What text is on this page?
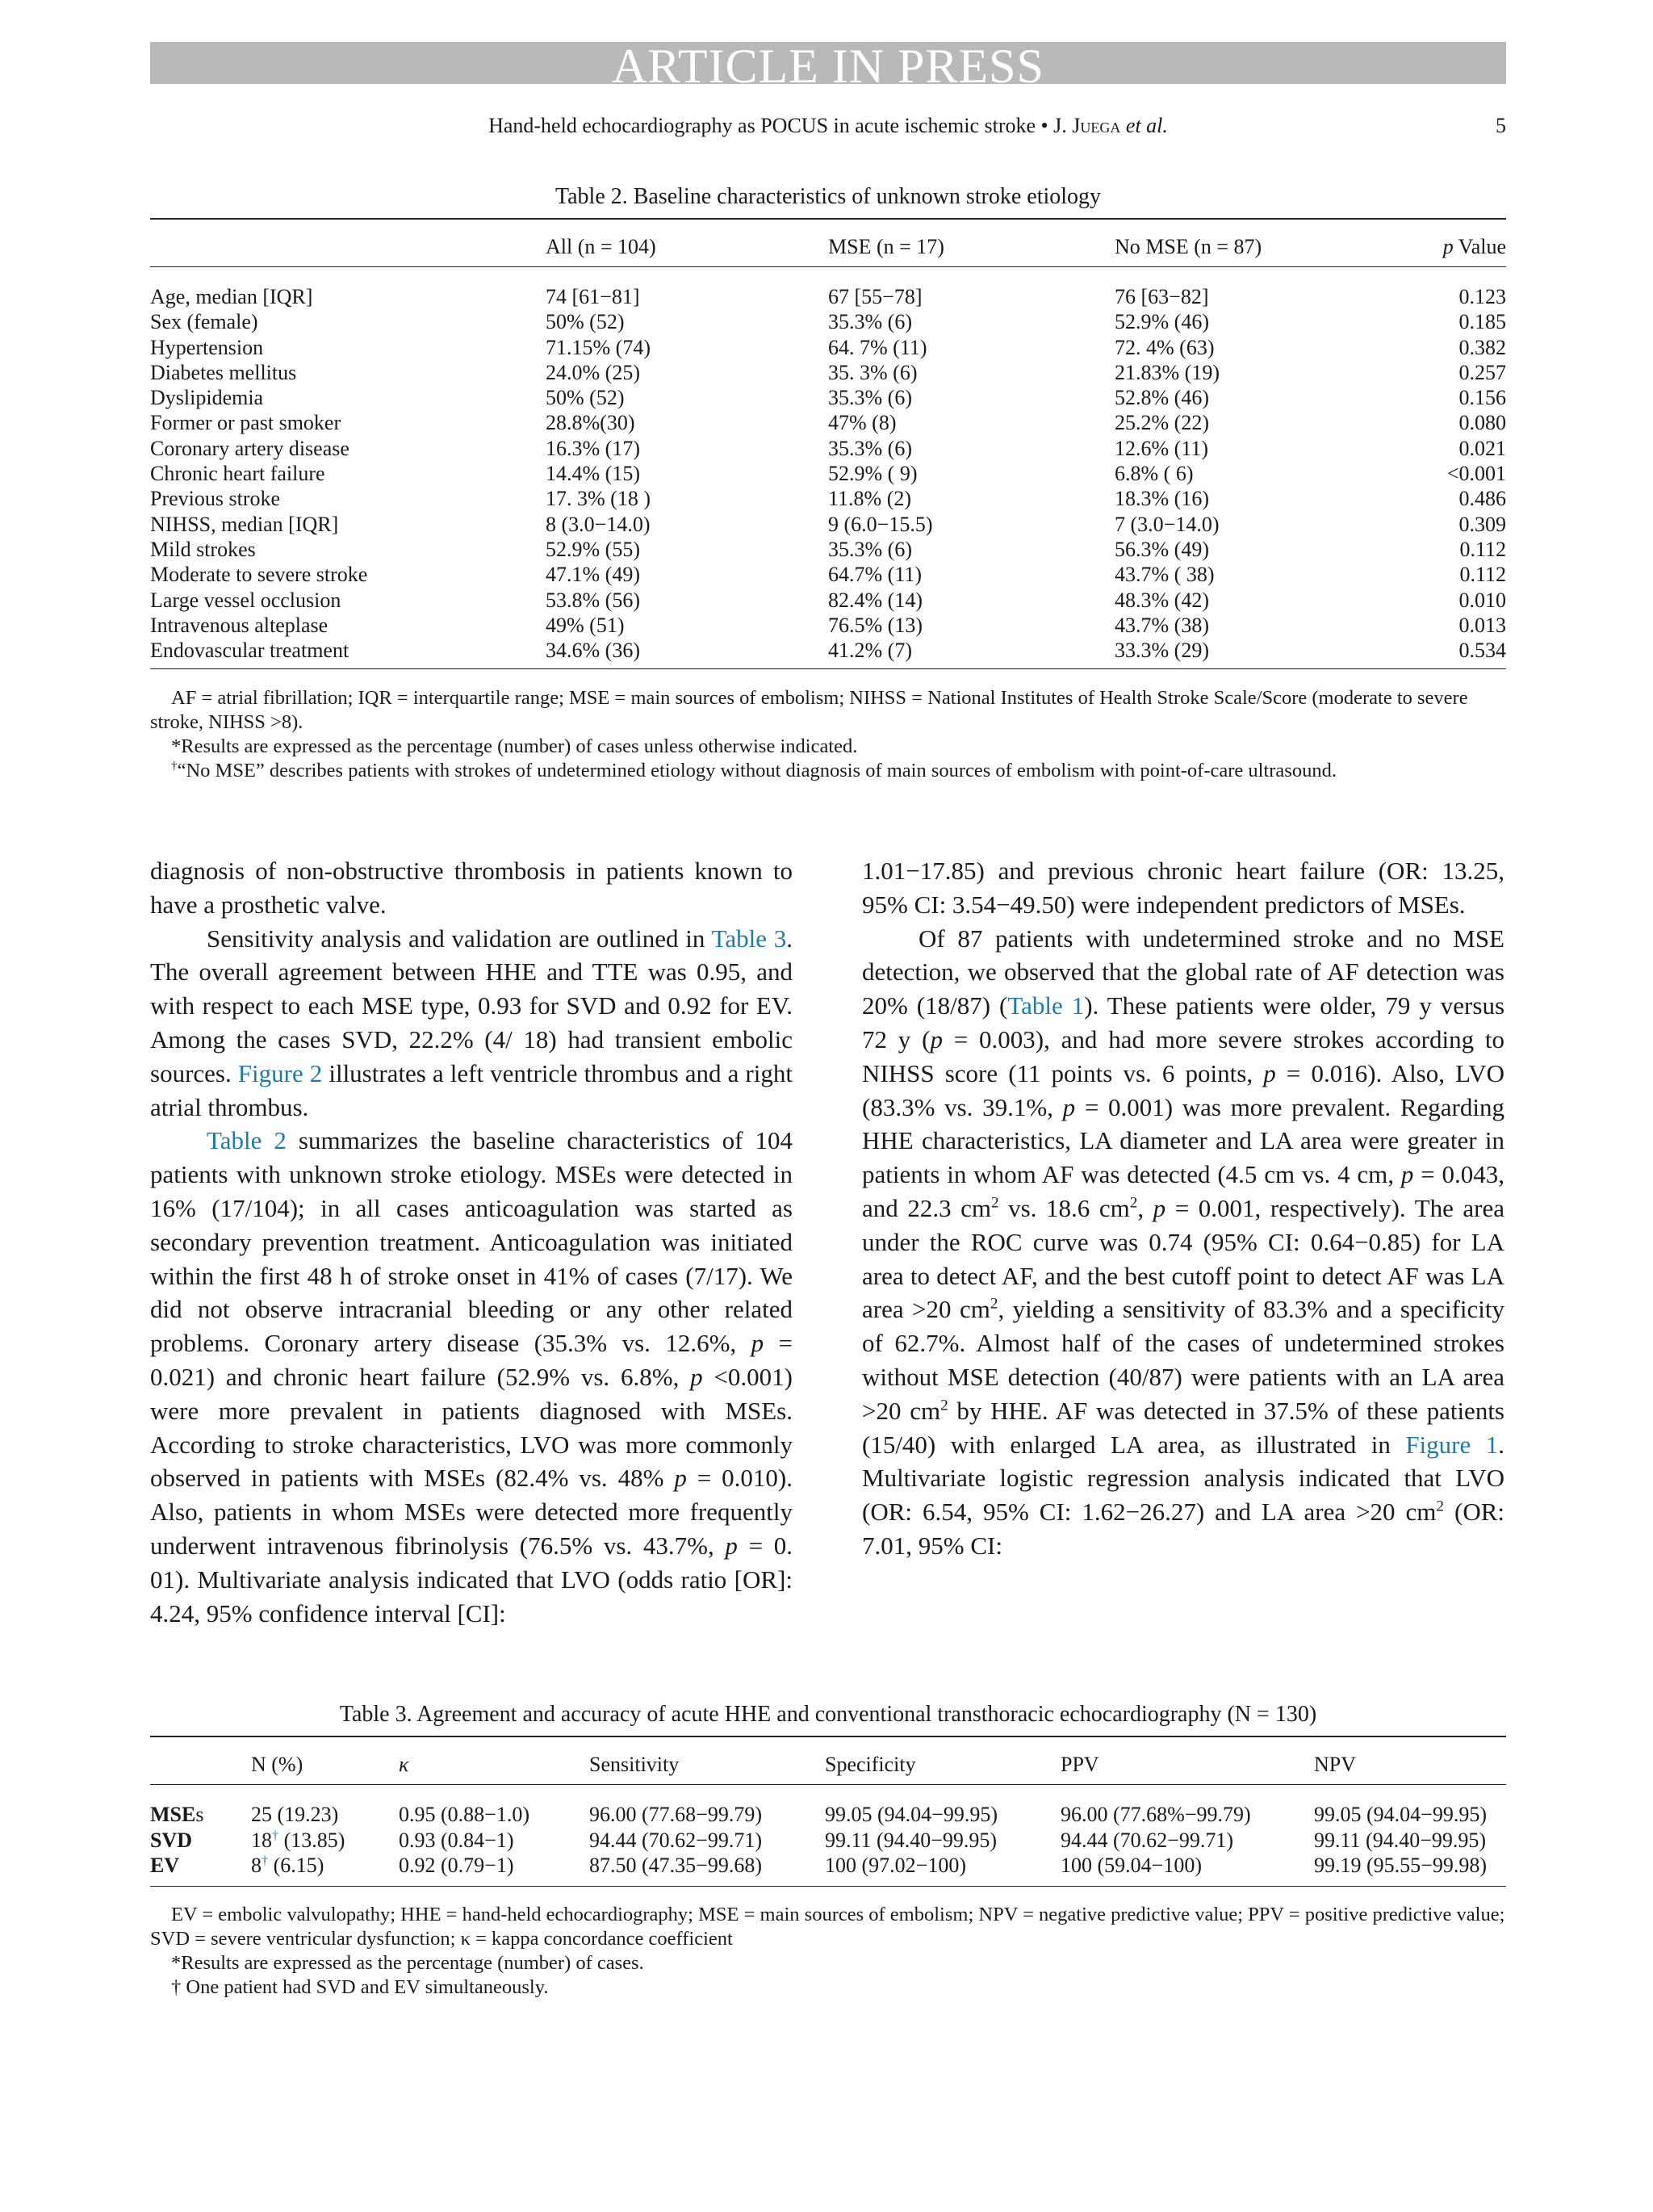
ARTICLE IN PRESS
Hand-held echocardiography as POCUS in acute ischemic stroke • J. Juega et al.	5
Table 2. Baseline characteristics of unknown stroke etiology
	All (n = 104)	MSE (n = 17)	No MSE (n = 87)	p Value
Age, median [IQR]	74 [61−81]	67 [55−78]	76 [63−82]	0.123
Sex (female)	50% (52)	35.3% (6)	52.9% (46)	0.185
Hypertension	71.15% (74)	64. 7% (11)	72. 4% (63)	0.382
Diabetes mellitus	24.0% (25)	35. 3% (6)	21.83% (19)	0.257
Dyslipidemia	50% (52)	35.3% (6)	52.8% (46)	0.156
Former or past smoker	28.8%(30)	47% (8)	25.2% (22)	0.080
Coronary artery disease	16.3% (17)	35.3% (6)	12.6% (11)	0.021
Chronic heart failure	14.4% (15)	52.9% ( 9)	6.8% ( 6)	<0.001
Previous stroke	17. 3% (18 )	11.8% (2)	18.3% (16)	0.486
NIHSS, median [IQR]	8 (3.0−14.0)	9 (6.0−15.5)	7 (3.0−14.0)	0.309
Mild strokes	52.9% (55)	35.3% (6)	56.3% (49)	0.112
Moderate to severe stroke	47.1% (49)	64.7% (11)	43.7% ( 38)	0.112
Large vessel occlusion	53.8% (56)	82.4% (14)	48.3% (42)	0.010
Intravenous alteplase	49% (51)	76.5% (13)	43.7% (38)	0.013
Endovascular treatment	34.6% (36)	41.2% (7)	33.3% (29)	0.534

AF = atrial fibrillation; IQR = interquartile range; MSE = main sources of embolism; NIHSS = National Institutes of Health Stroke Scale/Score (moderate to severe stroke, NIHSS >8).

*Results are expressed as the percentage (number) of cases unless otherwise indicated.

†“No MSE” describes patients with strokes of undetermined etiology without diagnosis of main sources of embolism with point-of-care ultrasound.

diagnosis of non-obstructive thrombosis in patients known to have a prosthetic valve.

Sensitivity analysis and validation are outlined in Table 3. The overall agreement between HHE and TTE was 0.95, and with respect to each MSE type, 0.93 for SVD and 0.92 for EV. Among the cases SVD, 22.2% (4/ 18) had transient embolic sources. Figure 2 illustrates a left ventricle thrombus and a right atrial thrombus.

Table 2 summarizes the baseline characteristics of 104 patients with unknown stroke etiology. MSEs were detected in 16% (17/104); in all cases anticoagulation was started as secondary prevention treatment. Anticoagulation was initiated within the first 48 h of stroke onset in 41% of cases (7/17). We did not observe intracranial bleeding or any other related problems. Coronary artery disease (35.3% vs. 12.6%, p = 0.021) and chronic heart failure (52.9% vs. 6.8%, p <0.001) were more prevalent in patients diagnosed with MSEs. According to stroke characteristics, LVO was more commonly observed in patients with MSEs (82.4% vs. 48% p = 0.010). Also, patients in whom MSEs were detected more frequently underwent intravenous fibrinolysis (76.5% vs. 43.7%, p = 0. 01). Multivariate analysis indicated that LVO (odds ratio [OR]: 4.24, 95% confidence interval [CI]:

1.01−17.85) and previous chronic heart failure (OR: 13.25, 95% CI: 3.54−49.50) were independent predictors of MSEs.

Of 87 patients with undetermined stroke and no MSE detection, we observed that the global rate of AF detection was 20% (18/87) (Table 1). These patients were older, 79 y versus 72 y (p = 0.003), and had more severe strokes according to NIHSS score (11 points vs. 6 points, p = 0.016). Also, LVO (83.3% vs. 39.1%, p = 0.001) was more prevalent. Regarding HHE characteristics, LA diameter and LA area were greater in patients in whom AF was detected (4.5 cm vs. 4 cm, p = 0.043, and 22.3 $cm^2$ vs. 18.6 $cm^2$, p = 0.001, respectively). The area under the ROC curve was 0.74 (95% CI: 0.64−0.85) for LA area to detect AF, and the best cutoff point to detect AF was LA area >20 $cm^2$, yielding a sensitivity of 83.3% and a specificity of 62.7%. Almost half of the cases of undetermined strokes without MSE detection (40/87) were patients with an LA area >20 $cm^2$ by HHE. AF was detected in 37.5% of these patients (15/40) with enlarged LA area, as illustrated in Figure 1. Multivariate logistic regression analysis indicated that LVO (OR: 6.54, 95% CI: 1.62−26.27) and LA area >20 $cm^2$ (OR: 7.01, 95% CI:

Table 3. Agreement and accuracy of acute HHE and conventional transthoracic echocardiography (N = 130)
	N (%)	κ	Sensitivity	Specificity	PPV	NPV
MSEs	25 (19.23)	0.95 (0.88−1.0)	96.00 (77.68−99.79)	99.05 (94.04−99.95)	96.00 (77.68%−99.79)	99.05 (94.04−99.95)
SVD	18† (13.85)	0.93 (0.84−1)	94.44 (70.62−99.71)	99.11 (94.40−99.95)	94.44 (70.62−99.71)	99.11 (94.40−99.95)
EV	8† (6.15)	0.92 (0.79−1)	87.50 (47.35−99.68)	100 (97.02−100)	100 (59.04−100)	99.19 (95.55−99.98)

EV = embolic valvulopathy; HHE = hand-held echocardiography; MSE = main sources of embolism; NPV = negative predictive value; PPV = positive predictive value; SVD = severe ventricular dysfunction; κ = kappa concordance coefficient

*Results are expressed as the percentage (number) of cases.

† One patient had SVD and EV simultaneously.
